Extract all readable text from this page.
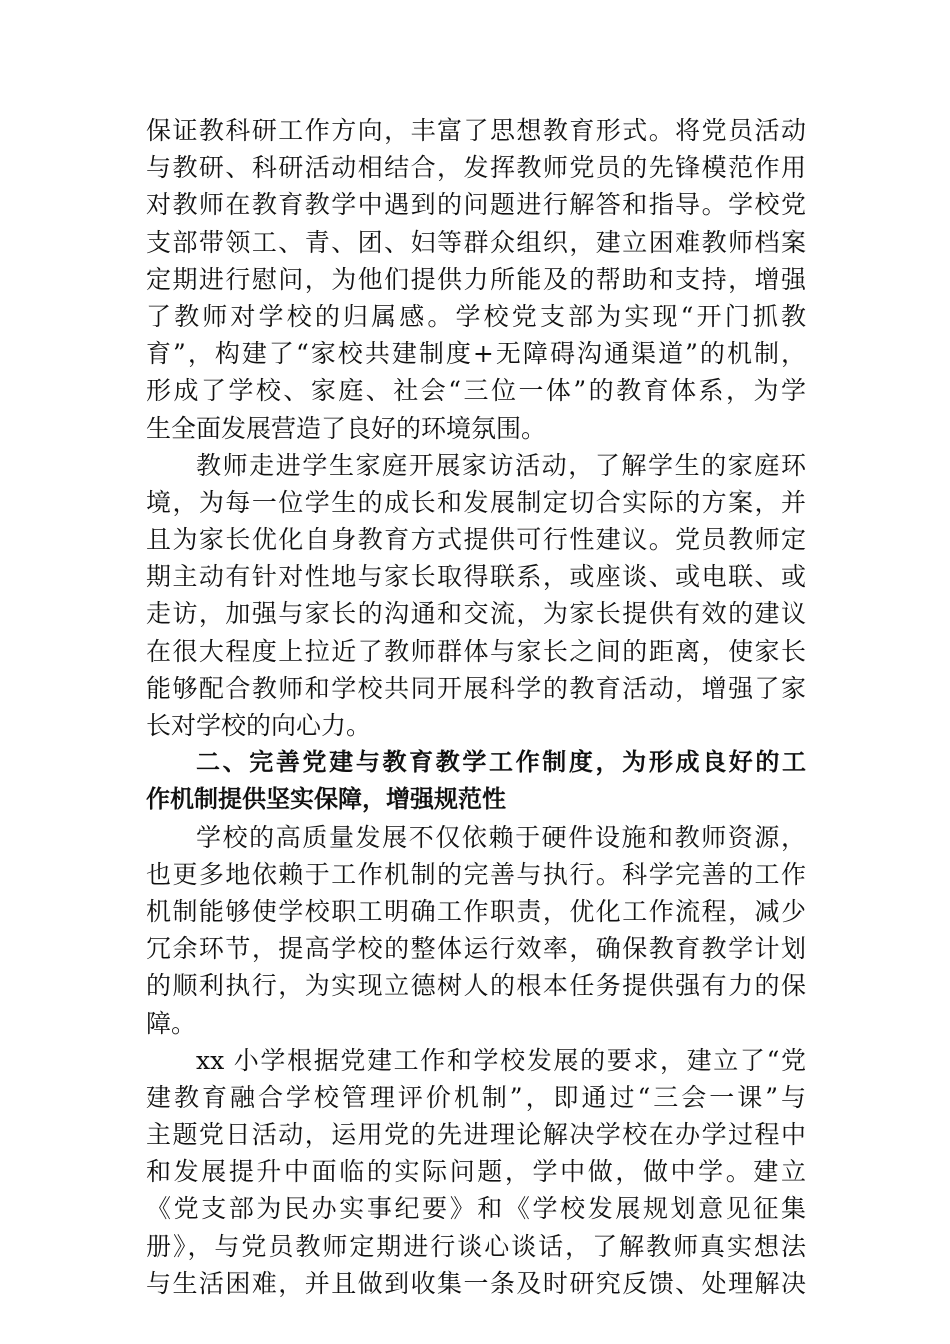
保证教科研工作方向，丰富了思想教育形式。将党员活动
与教研、科研活动相结合，发挥教师党员的先锋模范作用
对教师在教育教学中遇到的问题进行解答和指导。学校党
支部带领工、青、团、妇等群众组织，建立困难教师档案
定期进行慰问，为他们提供力所能及的帮助和支持，增强
了教师对学校的归属感。学校党支部为实现“开门抓教
育”，构建了“家校共建制度+无障碍沟通渠道”的机制，
形成了学校、家庭、社会“三位一体”的教育体系，为学
生全面发展营造了良好的环境氛围。
教师走进学生家庭开展家访活动，了解学生的家庭环
境，为每一位学生的成长和发展制定切合实际的方案，并
且为家长优化自身教育方式提供可行性建议。党员教师定
期主动有针对性地与家长取得联系，或座谈、或电联、或
走访，加强与家长的沟通和交流，为家长提供有效的建议
在很大程度上拉近了教师群体与家长之间的距离，使家长
能够配合教师和学校共同开展科学的教育活动，增强了家
长对学校的向心力。
二、完善党建与教育教学工作制度，为形成良好的工
作机制提供坚实保障，增强规范性
学校的高质量发展不仅依赖于硬件设施和教师资源，
也更多地依赖于工作机制的完善与执行。科学完善的工作
机制能够使学校职工明确工作职责，优化工作流程，减少
冗余环节，提高学校的整体运行效率，确保教育教学计划
的顺利执行，为实现立德树人的根本任务提供强有力的保
障。
xx 小学根据党建工作和学校发展的要求，建立了“党
建教育融合学校管理评价机制”，即通过“三会一课”与
主题党日活动，运用党的先进理论解决学校在办学过程中
和发展提升中面临的实际问题，学中做，做中学。建立
《党支部为民办实事纪要》和《学校发展规划意见征集
册》，与党员教师定期进行谈心谈话，了解教师真实想法
与生活困难，并且做到收集一条及时研究反馈、处理解决
